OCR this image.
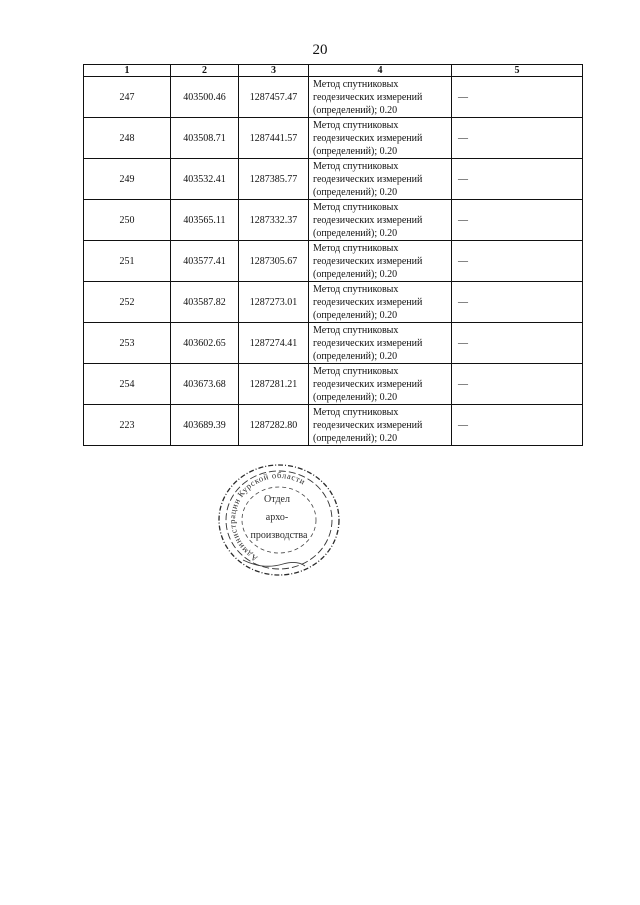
20
1	2	3	4	5
247	403500.46	1287457.47	Метод спутниковых
геодезических измерений
(определений); 0.20	—
248	403508.71	1287441.57	Метод спутниковых
геодезических измерений
(определений); 0.20	—
249	403532.41	1287385.77	Метод спутниковых
геодезических измерений
(определений); 0.20	—
250	403565.11	1287332.37	Метод спутниковых
геодезических измерений
(определений); 0.20	—
251	403577.41	1287305.67	Метод спутниковых
геодезических измерений
(определений); 0.20	—
252	403587.82	1287273.01	Метод спутниковых
геодезических измерений
(определений); 0.20	—
253	403602.65	1287274.41	Метод спутниковых
геодезических измерений
(определений); 0.20	—
254	403673.68	1287281.21	Метод спутниковых
геодезических измерений
(определений); 0.20	—
223	403689.39	1287282.80	Метод спутниковых
геодезических измерений
(определений); 0.20	—
Администрации Курской области
Отдел
архо-
производства
